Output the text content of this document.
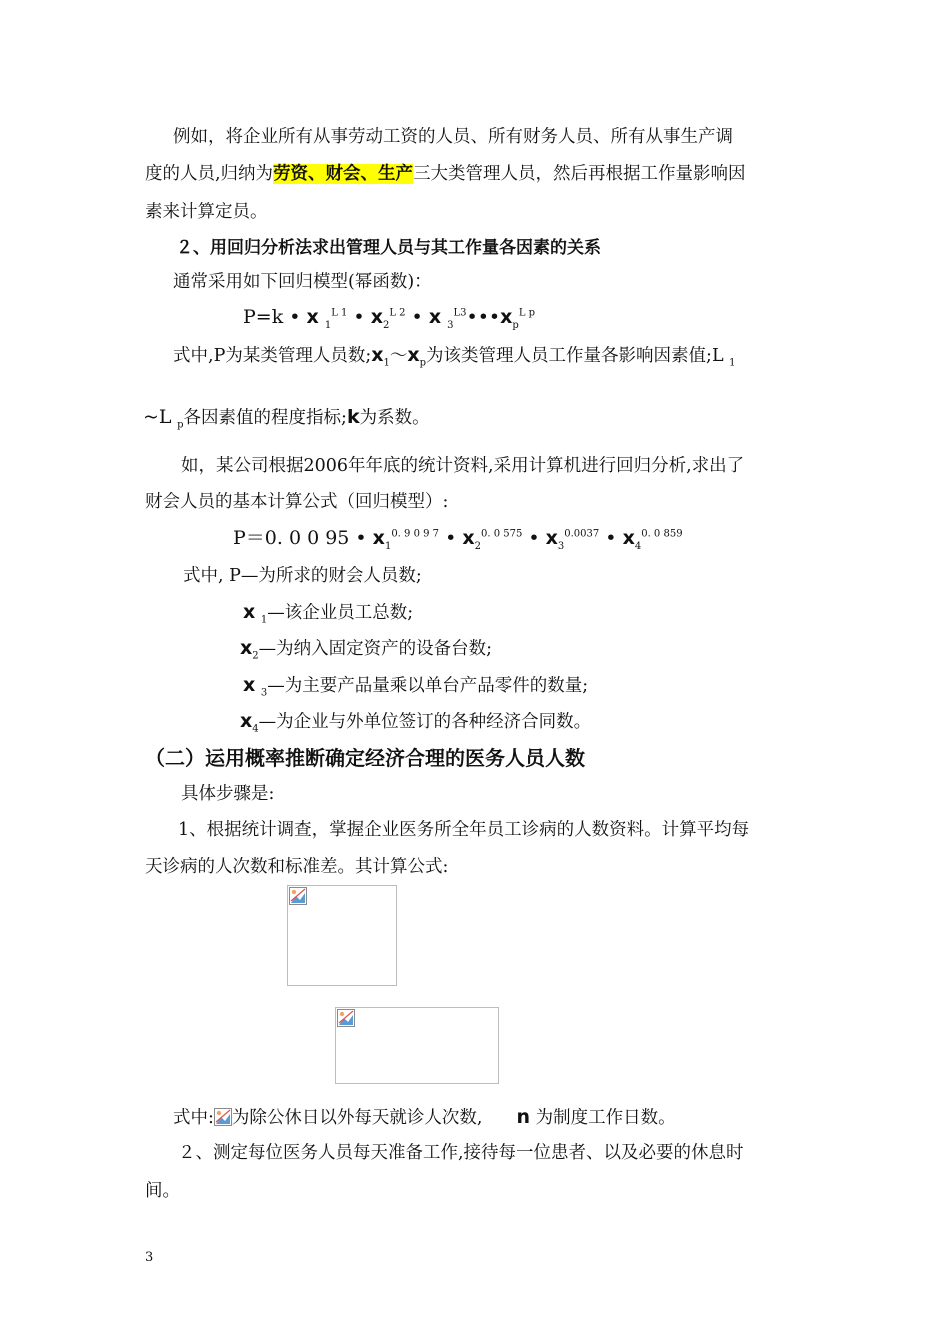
例如，将企业所有从事劳动工资的人员、所有财务人员、所有从事生产调
度的人员,归纳为劳资、财会、生产三大类管理人员，然后再根据工作量影响因
素来计算定员。
２、用回归分析法求出管理人员与其工作量各因素的关系
通常采用如下回归模型(幂函数)：
P=k • x $_1^{L 1}$ • $x_2^{L 2}$ • x $_3^{L3}•••x_p^{L p}$
式中,P为某类管理人员数$;x_1\sim x_p$为该类管理人员工作量各影响因素值;L $_1$
~L $_p$各因素值的程度指标;k为系数。
如，某公司根据2006年年底的统计资料,采用计算机进行回归分析,求出了
财会人员的基本计算公式（回归模型）:
P＝0. 0 0 95 • $x_1^{0. 9 0 9 7}$ • $x_2^{0. 0 575}$ • $x_3^{0.0037}$ • $x_4^{0. 0 859}$
式中, P—为所求的财会人员数;
x $_1$—该企业员工总数;
$x_2—$为纳入固定资产的设备台数;
x $_3$—为主要产品量乘以单台产品零件的数量;
$x_4—$为企业与外单位签订的各种经济合同数。
（二）运用概率推断确定经济合理的医务人员人数
具体步骤是:
1、根据统计调查，掌握企业医务所全年员工诊病的人数资料。计算平均每
天诊病的人次数和标准差。其计算公式:
式中: 为除公休日以外每天就诊人次数, n 为制度工作日数。
２、测定每位医务人员每天准备工作,接待每一位患者、以及必要的休息时
间。
3
